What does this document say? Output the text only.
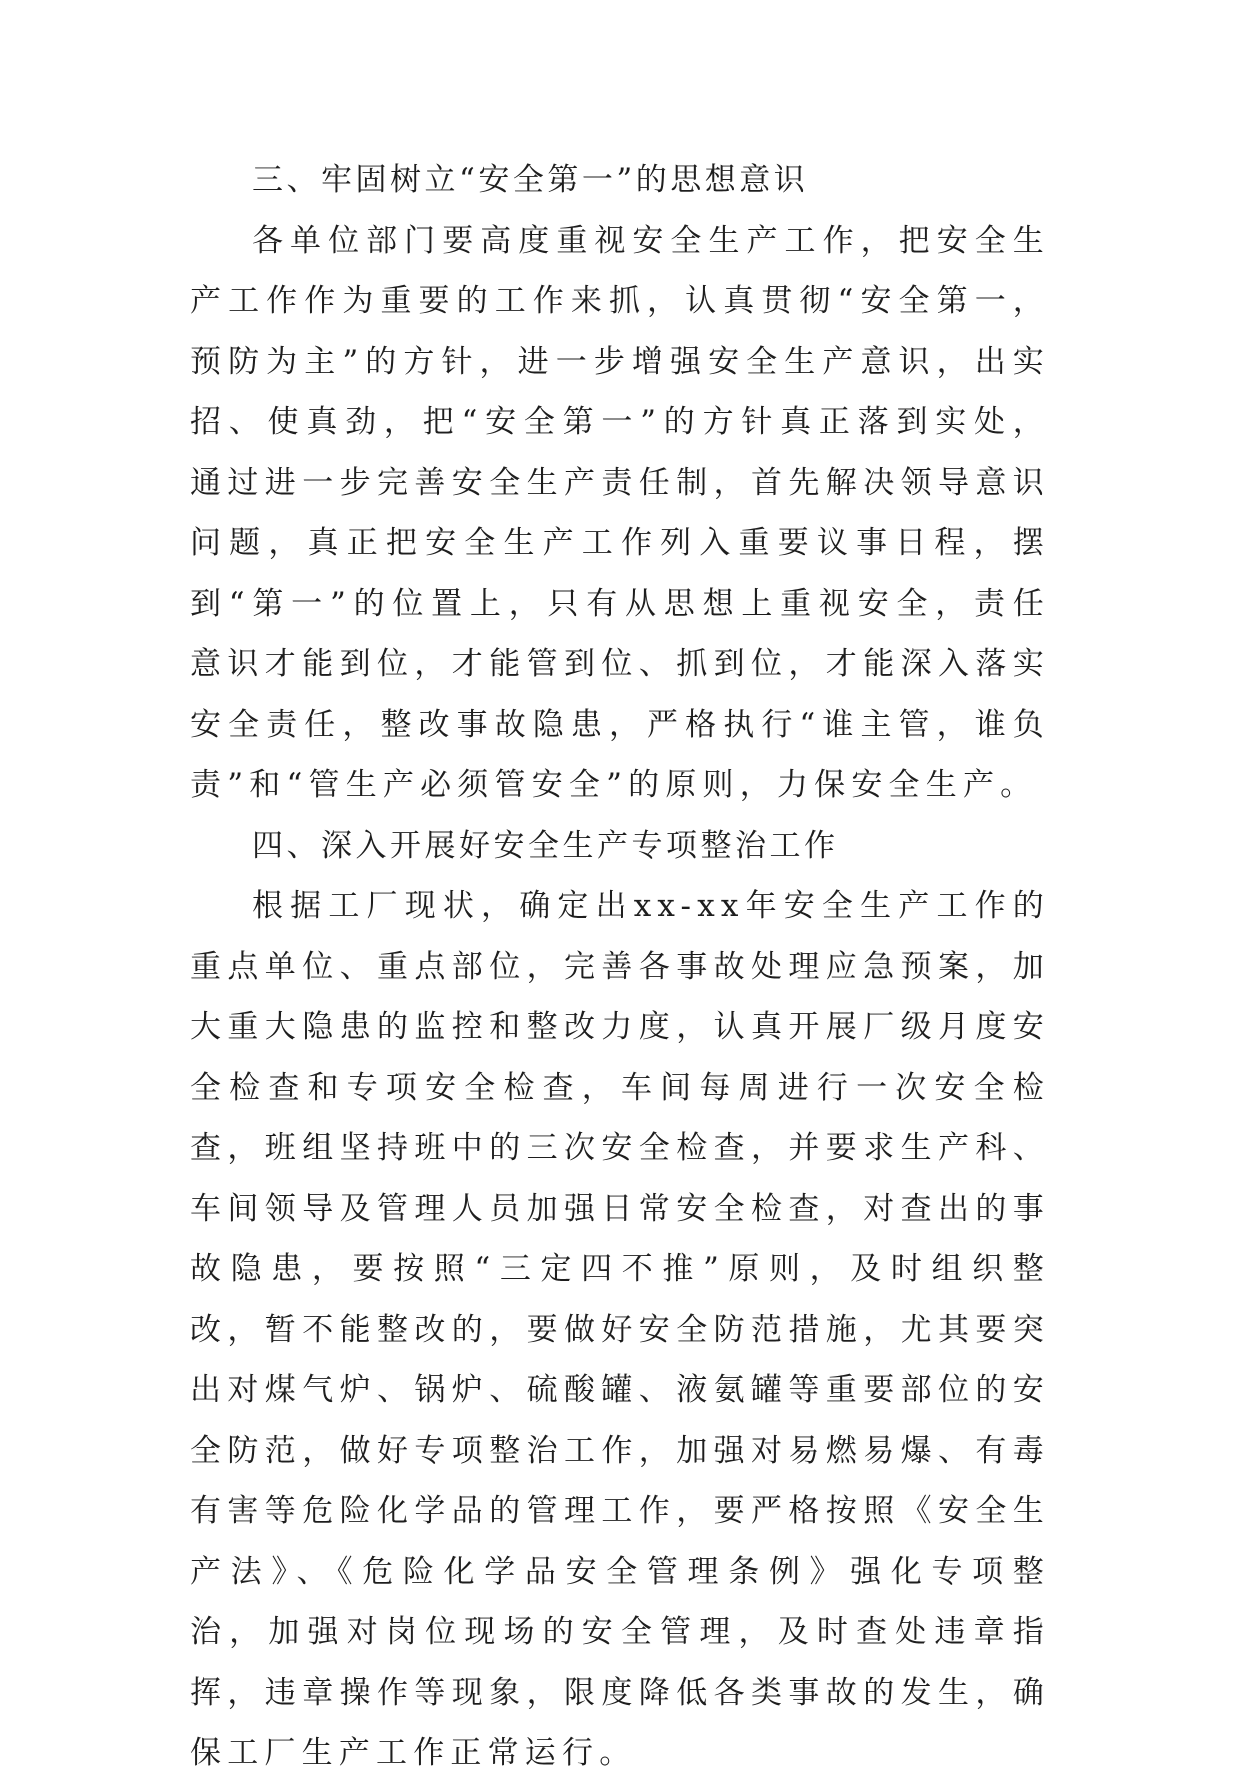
三、牢固树立“安全第一”的思想意识

各单位部门要高度重视安全生产工作，把安全生产工作作为重要的工作来抓，认真贯彻“安全第一，预防为主”的方针，进一步增强安全生产意识，出实招、使真劲，把“安全第一”的方针真正落到实处，通过进一步完善安全生产责任制，首先解决领导意识问题，真正把安全生产工作列入重要议事日程，摆到“第一”的位置上，只有从思想上重视安全，责任意识才能到位，才能管到位、抓到位，才能深入落实安全责任，整改事故隐患，严格执行“谁主管，谁负责”和“管生产必须管安全”的原则，力保安全生产。

四、深入开展好安全生产专项整治工作

根据工厂现状，确定出xx-xx年安全生产工作的重点单位、重点部位，完善各事故处理应急预案，加大重大隐患的监控和整改力度，认真开展厂级月度安全检查和专项安全检查，车间每周进行一次安全检查，班组坚持班中的三次安全检查，并要求生产科、车间领导及管理人员加强日常安全检查，对查出的事故隐患，要按照“三定四不推”原则，及时组织整改，暂不能整改的，要做好安全防范措施，尤其要突出对煤气炉、锅炉、硫酸罐、液氨罐等重要部位的安全防范，做好专项整治工作，加强对易燃易爆、有毒有害等危险化学品的管理工作，要严格按照《安全生产法》、《危险化学品安全管理条例》强化专项整治，加强对岗位现场的安全管理，及时查处违章指挥，违章操作等现象，限度降低各类事故的发生，确保工厂生产工作正常运行。
